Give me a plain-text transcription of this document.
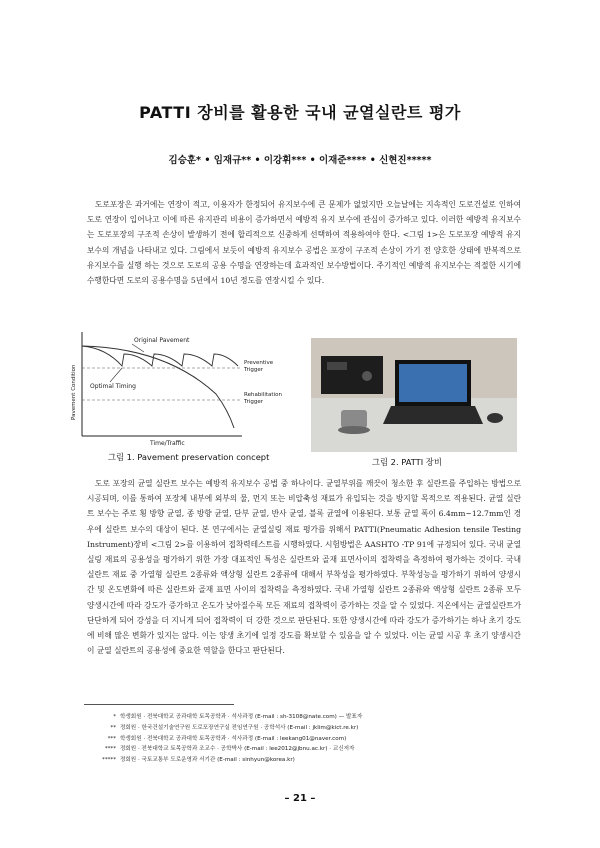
PATTI 장비를 활용한 국내 균열실란트 평가
김승훈* • 임재규** • 이강휘*** • 이재준**** • 신현진*****
도로포장은 과거에는 연장이 적고, 이용자가 한정되어 유지보수에 큰 문제가 없었지만 오늘날에는 지속적인 도로건설로 인하여 도로 연장이 입어나고 이에 따른 유지관리 비용이 증가하면서 예방적 유지 보수에 관심이 증가하고 있다. 이러한 예방적 유지보수는 도로포장의 구조적 손상이 발생하기 전에 합리적으로 신중하게 선택하여 적용하여야 한다. <그림 1>은 도로포장 예방적 유지보수의 개념을 나타내고 있다. 그림에서 보듯이 예방적 유지보수 공법은 포장이 구조적 손상이 가기 전 양호한 상태에 반복적으로 유지보수를 실행 하는 것으로 도로의 공용 수명을 연장하는데 효과적인 보수방법이다. 주기적인 예방적 유지보수는 적절한 시기에 수행한다면 도로의 공용수명을 5년에서 10년 정도를 연장시킬 수 있다.
Original Pavement
Optimal Timing
Preventive Trigger
Rehabilitation Trigger
Time/Traffic
Pavement Condition
그림 1. Pavement preservation concept	그림 2. PATTI 장비
도로 포장의 균열 실란트 보수는 예방적 유지보수 공법 중 하나이다. 균열부위를 깨끗이 청소한 후 실란트를 주입하는 방법으로 시공되며, 이를 통하여 포장체 내부에 외부의 물, 먼지 또는 비압축성 재료가 유입되는 것을 방지할 목적으로 적용된다. 균열 실란트 보수는 주로 횡 방향 균열, 종 방향 균열, 단부 균열, 반사 균열, 블록 균열에 이용된다. 보통 균열 폭이 6.4mm~12.7mm인 경우에 실란트 보수의 대상이 된다. 본 연구에서는 균열실링 재료 평가를 위해서 PATTI(Pneumatic Adhesion tensile Testing Instrument)장비 <그림 2>를 이용하여 접착력테스트를 시행하였다. 시험방법은 AASHTO -TP 91에 규정되어 있다. 국내 균열실링 재료의 공용성을 평가하기 위한 가장 대표적인 특성은 실란트와 골재 표면사이의 접착력을 측정하여 평가하는 것이다. 국내 실란트 재료 중 가열형 실란트 2종류와 액상형 실란트 2종류에 대해서 부착성을 평가하였다. 부착성능을 평가하기 위하여 양생시간 및 온도변화에 따른 실란트와 골재 표면 사이의 접착력을 측정하였다. 국내 가열형 실란트 2종류와 액상형 실란트 2종류 모두 양생시간에 따라 강도가 증가하고 온도가 낮아질수록 모든 재료의 접착력이 증가하는 것을 알 수 있었다. 지온에서는 균열실란트가 단단하게 되어 강성을 더 지니게 되어 접착력이 더 강한 것으로 판단된다. 또한 양생시간에 따라 강도가 증가하기는 하나 초기 강도에 비해 많은 변화가 있지는 않다. 이는 양생 초기에 일정 강도를 확보할 수 있음을 알 수 있었다. 이는 균열 시공 후 초기 양생시간이 균열 실란트의 공용성에 중요한 역할을 한다고 판단된다.
* 학생회원 · 전북대학교 공과대학 토목공학과 · 석사과정 (E-mail : sh-3108@nate.com) — 발표자
** 정회원 · 한국건설기술연구원 도로포장연구실 전임연구원 · 공학석사 (E-mail : jklim@kict.re.kr)
*** 학생회원 · 전북대학교 공과대학 토목공학과 · 석사과정 (E-mail : leekang01@naver.com)
**** 정회원 · 전북대학교 토목공학과 조교수 · 공학박사 (E-mail : lee2012@jbnu.ac.kr) · 교신저자
***** 정회원 · 국토교통부 도로운영과 서기관 (E-mail : sinhyun@korea.kr)
– 21 –
